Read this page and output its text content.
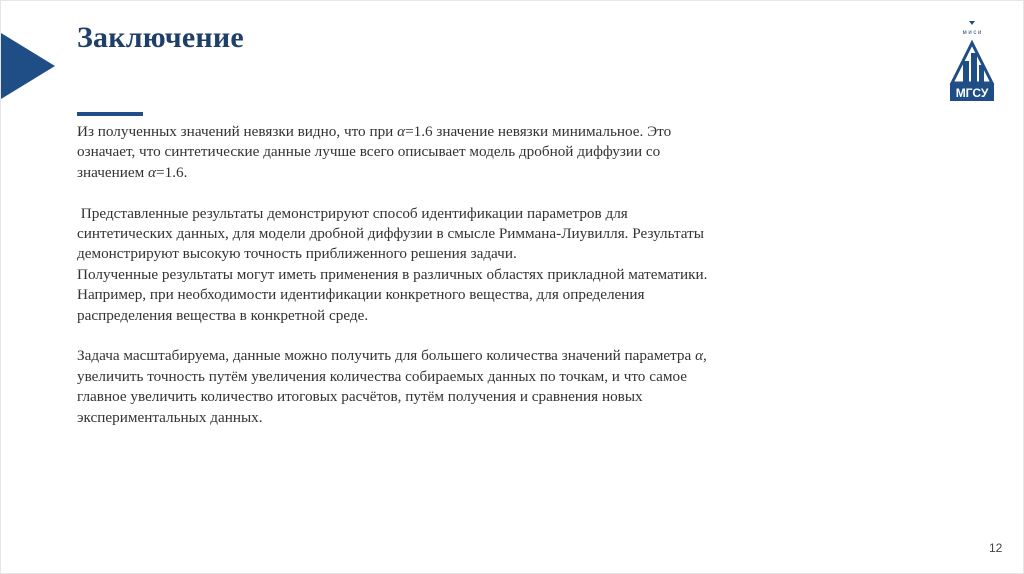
Заключение

Из полученных значений невязки видно, что при α=1.6 значение невязки минимальное. Это

означает, что синтетические данные лучше всего описывает модель дробной диффузии со

значением α=1.6.

Представленные результаты демонстрируют способ идентификации параметров для

синтетических данных, для модели дробной диффузии в смысле Риммана-Лиувилля. Результаты

демонстрируют высокую точность приближенного решения задачи.

Полученные результаты могут иметь применения в различных областях прикладной математики.

Например, при необходимости идентификации конкретного вещества, для определения

распределения вещества в конкретной среде.

Задача масштабируема, данные можно получить для большего количества значений параметра α,

увеличить точность путём увеличения количества собираемых данных по точкам, и что самое

главное увеличить количество итоговых расчётов, путём получения и сравнения новых

экспериментальных данных.

м и с и
МГСУ
12
